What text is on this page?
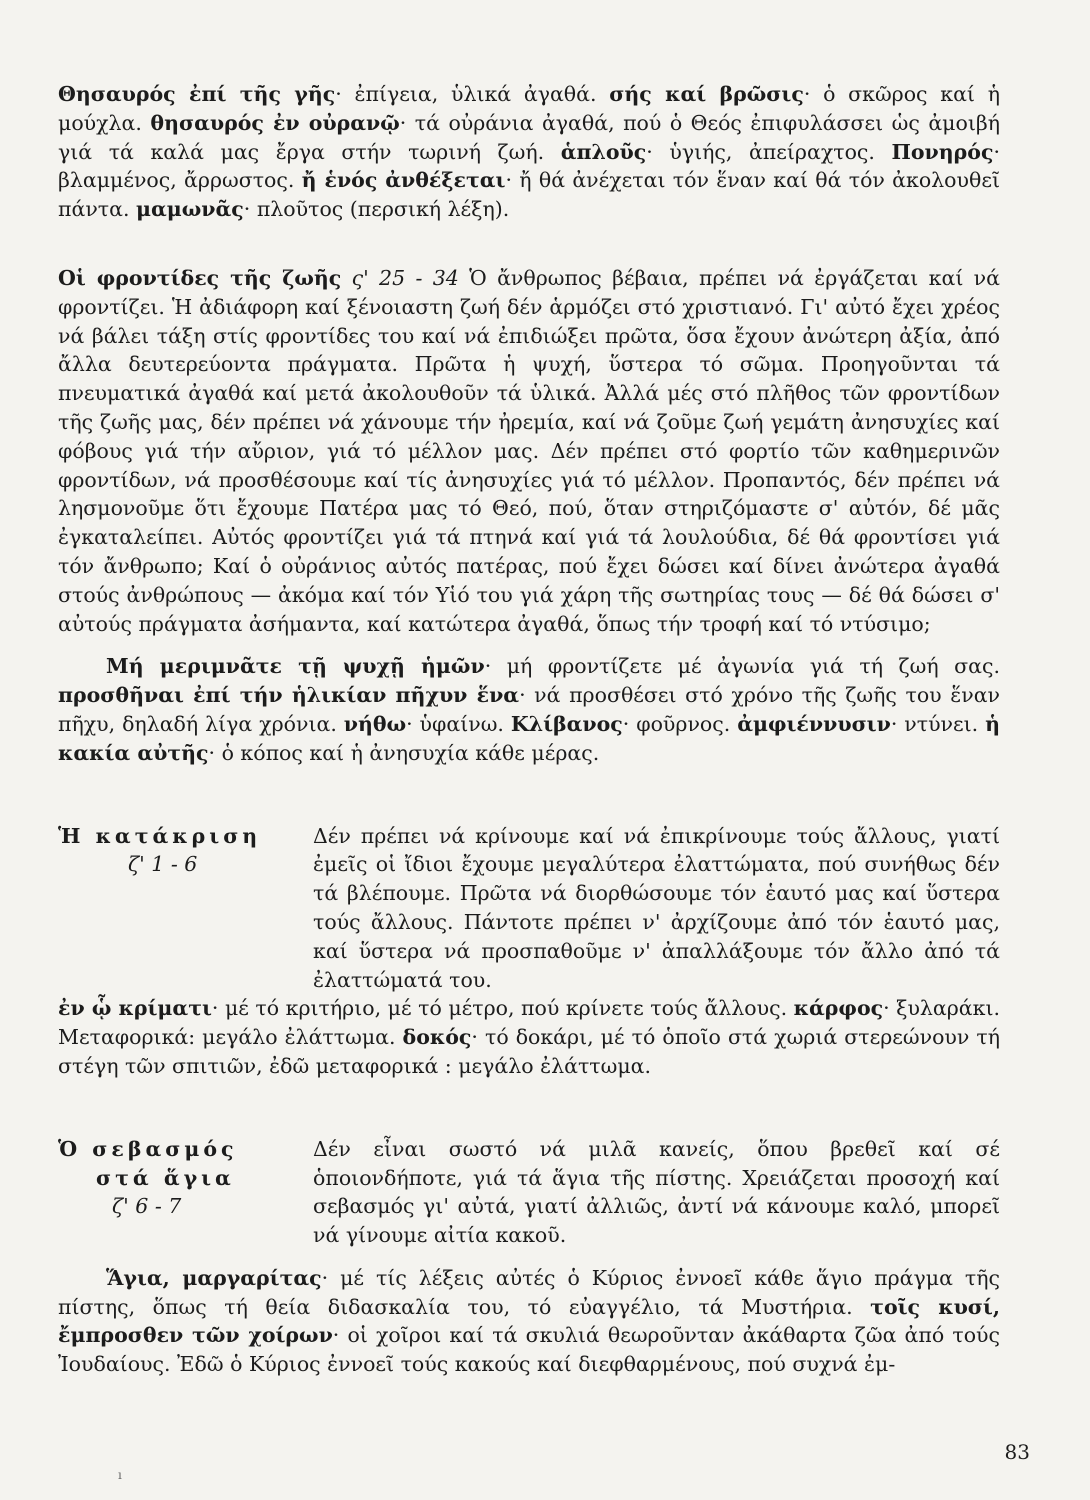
Θησαυρός ἐπί τῆς γῆς· ἐπίγεια, ὑλικά ἀγαθά. σής καί βρῶσις· ὁ σκῶρος καί ἡ μούχλα. θησαυρός ἐν οὐρανῷ· τά οὐράνια ἀγαθά, πού ὁ Θεός ἐπιφυλάσσει ὡς ἀμοιβή γιά τά καλά μας ἔργα στήν τωρινή ζωή. ἁπλοῦς· ὑγιής, ἀπείραχτος. Πονηρός· βλαμμένος, ἄρρωστος. ἤ ἑνός ἀνθέξεται· ἤ θά ἀνέχεται τόν ἕναν καί θά τόν ἀκολουθεῖ πάντα. μαμωνᾶς· πλοῦτος (περσική λέξη).

Οἱ φροντίδες τῆς ζωῆς ς' 25 - 34 Ὁ ἄνθρωπος βέβαια, πρέπει νά ἐργάζεται καί νά φροντίζει. Ἡ ἀδιάφορη καί ξένοιαστη ζωή δέν ἁρμόζει στό χριστιανό. Γι' αὐτό ἔχει χρέος νά βάλει τάξη στίς φροντίδες του καί νά ἐπιδιώξει πρῶτα, ὅσα ἔχουν ἀνώτερη ἀξία, ἀπό ἄλλα δευτερεύοντα πράγματα. Πρῶτα ἡ ψυχή, ὕστερα τό σῶμα. Προηγοῦνται τά πνευματικά ἀγαθά καί μετά ἀκολουθοῦν τά ὑλικά. Ἀλλά μές στό πλῆθος τῶν φροντίδων τῆς ζωῆς μας, δέν πρέπει νά χάνουμε τήν ἠρεμία, καί νά ζοῦμε ζωή γεμάτη ἀνησυχίες καί φόβους γιά τήν αὔριον, γιά τό μέλλον μας. Δέν πρέπει στό φορτίο τῶν καθημερινῶν φροντίδων, νά προσθέσουμε καί τίς ἀνησυχίες γιά τό μέλλον. Προπαντός, δέν πρέπει νά λησμονοῦμε ὅτι ἔχουμε Πατέρα μας τό Θεό, πού, ὅταν στηριζόμαστε σ' αὐτόν, δέ μᾶς ἐγκαταλείπει. Αὐτός φροντίζει γιά τά πτηνά καί γιά τά λουλούδια, δέ θά φροντίσει γιά τόν ἄνθρωπο; Καί ὁ οὐράνιος αὐτός πατέρας, πού ἔχει δώσει καί δίνει ἀνώτερα ἀγαθά στούς ἀνθρώπους — ἀκόμα καί τόν Υἱό του γιά χάρη τῆς σωτηρίας τους — δέ θά δώσει σ' αὐτούς πράγματα ἀσήμαντα, καί κατώτερα ἀγαθά, ὅπως τήν τροφή καί τό ντύσιμο;

Μή μεριμνᾶτε τῇ ψυχῇ ἡμῶν· μή φροντίζετε μέ ἀγωνία γιά τή ζωή σας. προσθῆναι ἐπί τήν ἡλικίαν πῆχυν ἕνα· νά προσθέσει στό χρόνο τῆς ζωῆς του ἕναν πῆχυ, δηλαδή λίγα χρόνια. νήθω· ὑφαίνω. Κλίβανος· φοῦρνος. ἀμφιέννυσιν· ντύνει. ἡ κακία αὐτῆς· ὁ κόπος καί ἡ ἀνησυχία κάθε μέρας.

Ἡ κατάκριση
ζ' 1 - 6

Δέν πρέπει νά κρίνουμε καί νά ἐπικρίνουμε τούς ἄλλους, γιατί ἐμεῖς οἱ ἴδιοι ἔχουμε μεγαλύτερα ἐλαττώματα, πού συνήθως δέν τά βλέπουμε. Πρῶτα νά διορθώσουμε τόν ἑαυτό μας καί ὕστερα τούς ἄλλους. Πάντοτε πρέπει ν' ἀρχίζουμε ἀπό τόν ἑαυτό μας, καί ὕστερα νά προσπαθοῦμε ν' ἀπαλλάξουμε τόν ἄλλο ἀπό τά ἐλαττώματά του.

ἐν ᾧ κρίματι· μέ τό κριτήριο, μέ τό μέτρο, πού κρίνετε τούς ἄλλους. κάρφος· ξυλαράκι. Μεταφορικά: μεγάλο ἐλάττωμα. δοκός· τό δοκάρι, μέ τό ὁποῖο στά χωριά στερεώνουν τή στέγη τῶν σπιτιῶν, ἐδῶ μεταφορικά : μεγάλο ἐλάττωμα.

Ὁ σεβασμός
στά ἅγια
ζ' 6 - 7

Δέν εἶναι σωστό νά μιλᾶ κανείς, ὅπου βρεθεῖ καί σέ ὁποιονδήποτε, γιά τά ἅγια τῆς πίστης. Χρειάζεται προσοχή καί σεβασμός γι' αὐτά, γιατί ἀλλιῶς, ἀντί νά κάνουμε καλό, μπορεῖ νά γίνουμε αἰτία κακοῦ.

Ἅγια, μαργαρίτας· μέ τίς λέξεις αὐτές ὁ Κύριος ἐννοεῖ κάθε ἅγιο πράγμα τῆς πίστης, ὅπως τή θεία διδασκαλία του, τό εὐαγγέλιο, τά Μυστήρια. τοῖς κυσί, ἔμπροσθεν τῶν χοίρων· οἱ χοῖροι καί τά σκυλιά θεωροῦνταν ἀκάθαρτα ζῶα ἀπό τούς Ἰουδαίους. Ἐδῶ ὁ Κύριος ἐννοεῖ τούς κακούς καί διεφθαρμένους, πού συχνά ἐμ-

83
ı
